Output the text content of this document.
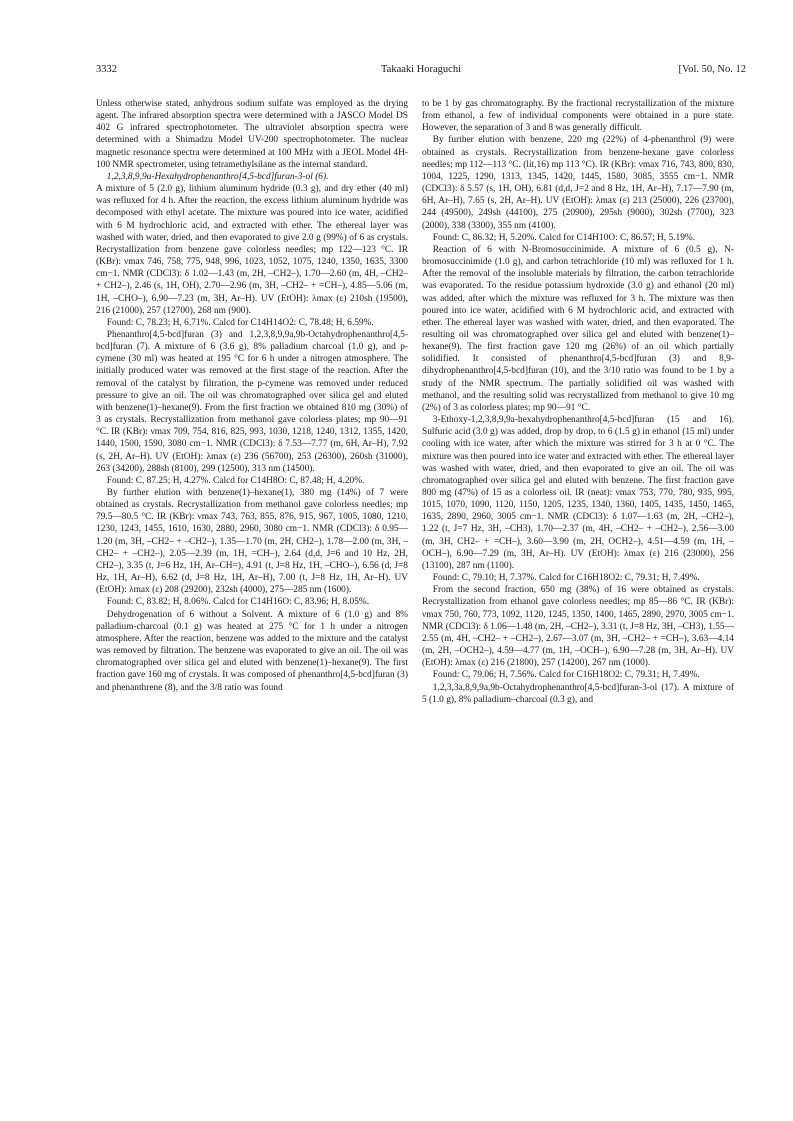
3332	Takaaki Horaguchi	[Vol. 50, No. 12

Unless otherwise stated, anhydrous sodium sulfate was employed as the drying agent. The infrared absorption spectra were determined with a JASCO Model DS 402 G infrared spectrophotometer. The ultraviolet absorption spectra were determined with a Shimadzu Model UV-200 spectrophotometer. The nuclear magnetic resonance spectra were determined at 100 MHz with a JEOL Model 4H-100 NMR spectrometer, using tetramethylsilane as the internal standard.

1,2,3,8,9,9a-Hexahydrophenanthro[4,5-bcd]furan-3-ol (6).

A mixture of 5 (2.0 g), lithium aluminum hydride (0.3 g), and dry ether (40 ml) was refluxed for 4 h. After the reaction, the excess lithium aluminum hydride was decomposed with ethyl acetate. The mixture was poured into ice water, acidified with 6 M hydrochloric acid, and extracted with ether. The ethereal layer was washed with water, dried, and then evaporated to give 2.0 g (99%) of 6 as crystals. Recrystallization from benzene gave colorless needles; mp 122—123 °C. IR (KBr): νmax 746, 758, 775, 948, 996, 1023, 1052, 1075, 1240, 1350, 1635, 3300 cm−1. NMR (CDCl3): δ 1.02—1.43 (m, 2H, –CH2–), 1.70—2.60 (m, 4H, –CH2– + CH2–), 2.46 (s, 1H, OH), 2.70—2.96 (m, 3H, –CH2– + =CH–), 4.85—5.06 (m, 1H, –CHO–), 6.90—7.23 (m, 3H, Ar–H). UV (EtOH): λmax (ε) 210sh (19500), 216 (21000), 257 (12700), 268 nm (900).

Found: C, 78.23; H, 6.71%. Calcd for C14H14O2: C, 78.48; H, 6.59%.

Phenanthro[4,5-bcd]furan (3) and 1,2,3,8,9,9a,9b-Octahydrophenanthro[4,5-bcd]furan (7). A mixture of 6 (3.6 g), 8% palladium charcoal (1.0 g), and p-cymene (30 ml) was heated at 195 °C for 6 h under a nitrogen atmosphere. The initially produced water was removed at the first stage of the reaction. After the removal of the catalyst by filtration, the p-cymene was removed under reduced pressure to give an oil. The oil was chromatographed over silica gel and eluted with benzene(1)–hexane(9). From the first fraction we obtained 810 mg (30%) of 3 as crystals. Recrystallization from methanol gave colorless plates; mp 90—91 °C. IR (KBr): νmax 709, 754, 816, 825, 993, 1030, 1218, 1240, 1312, 1355, 1420, 1440, 1500, 1590, 3080 cm−1. NMR (CDCl3): δ 7.53—7.77 (m, 6H, Ar–H), 7.92 (s, 2H, Ar–H). UV (EtOH): λmax (ε) 236 (56700), 253 (26300), 260sh (31000), 263 (34200), 288sh (8100), 299 (12500), 313 nm (14500).

Found: C, 87.25; H, 4.27%. Calcd for C14H8O: C, 87.48; H, 4.20%.

By further elution with benzene(1)–hexane(1), 380 mg (14%) of 7 were obtained as crystals. Recrystallization from methanol gave colorless needles; mp 79.5—80.5 °C. IR (KBr): νmax 743, 763, 855, 876, 915, 967, 1005, 1080, 1210, 1230, 1243, 1455, 1610, 1630, 2880, 2960, 3080 cm−1. NMR (CDCl3): δ 0.95—1.20 (m, 3H, –CH2– + –CH2–), 1.35—1.70 (m, 2H, CH2–), 1.78—2.00 (m, 3H, –CH2– + –CH2–), 2.05—2.39 (m, 1H, =CH–), 2.64 (d,d, J=6 and 10 Hz, 2H, CH2–), 3.35 (t, J=6 Hz, 1H, Ar–CH=), 4.91 (t, J=8 Hz, 1H, –CHO–), 6.56 (d, J=8 Hz, 1H, Ar–H), 6.62 (d, J=8 Hz, 1H, Ar–H), 7.00 (t, J=8 Hz, 1H, Ar–H). UV (EtOH): λmax (ε) 208 (29200), 232sh (4000), 275—285 nm (1600).

Found: C, 83.82; H, 8.06%. Calcd for C14H16O: C, 83.96; H, 8.05%.

Dehydrogenation of 6 without a Solvent. A mixture of 6 (1.0 g) and 8% palladium-charcoal (0.1 g) was heated at 275 °C for 1 h under a nitrogen atmosphere. After the reaction, benzene was added to the mixture and the catalyst was removed by filtration. The benzene was evaporated to give an oil. The oil was chromatographed over silica gel and eluted with benzene(1)–hexane(9). The first fraction gave 160 mg of crystals. It was composed of phenanthro[4,5-bcd]furan (3) and phenanthrene (8), and the 3/8 ratio was found

to be 1 by gas chromatography. By the fractional recrystallization of the mixture from ethanol, a few of individual components were obtained in a pure state. However, the separation of 3 and 8 was generally difficult.

By further elution with benzene, 220 mg (22%) of 4-phenanthrol (9) were obtained as crystals. Recrystallization from benzene-hexane gave colorless needles; mp 112—113 °C. (lit,16) mp 113 °C). IR (KBr): νmax 716, 743, 800, 830, 1004, 1225, 1290, 1313, 1345, 1420, 1445, 1580, 3085, 3555 cm−1. NMR (CDCl3): δ 5.57 (s, 1H, OH), 6.81 (d,d, J=2 and 8 Hz, 1H, Ar–H), 7.17—7.90 (m, 6H, Ar–H), 7.65 (s, 2H, Ar–H). UV (EtOH): λmax (ε) 213 (25000), 226 (23700), 244 (49500), 249sh (44100), 275 (20900), 295sh (9000), 302sh (7700), 323 (2000), 338 (3300), 355 nm (4100).

Found: C, 86.32; H, 5.20%. Calcd for C14H10O: C, 86.57; H, 5.19%.

Reaction of 6 with N-Bromosuccinimide. A mixture of 6 (0.5 g), N-bromosuccinimide (1.0 g), and carbon tetrachloride (10 ml) was refluxed for 1 h. After the removal of the insoluble materials by filtration, the carbon tetrachloride was evaporated. To the residue potassium hydroxide (3.0 g) and ethanol (20 ml) was added, after which the mixture was refluxed for 3 h. The mixture was then poured into ice water, acidified with 6 M hydrochloric acid, and extracted with ether. The ethereal layer was washed with water, dried, and then evaporated. The resulting oil was chromatographed over silica gel and eluted with benzene(1)–hexane(9). The first fraction gave 120 mg (26%) of an oil which partially solidified. It consisted of phenanthro[4,5-bcd]furan (3) and 8,9-dihydrophenanthro[4,5-bcd]furan (10), and the 3/10 ratio was found to be 1 by a study of the NMR spectrum. The partially solidified oil was washed with methanol, and the resulting solid was recrystallized from methanol to give 10 mg (2%) of 3 as colorless plates; mp 90—91 °C.

3-Ethoxy-1,2,3,8,9,9a-hexahydrophenanthro[4,5-bcd]furan (15 and 16). Sulfuric acid (3.0 g) was added, drop by drop, to 6 (1.5 g) in ethanol (15 ml) under cooling with ice water, after which the mixture was stirred for 3 h at 0 °C. The mixture was then poured into ice water and extracted with ether. The ethereal layer was washed with water, dried, and then evaporated to give an oil. The oil was chromatographed over silica gel and eluted with benzene. The first fraction gave 800 mg (47%) of 15 as a colorless oil. IR (neat): νmax 753, 770, 780, 935, 995, 1015, 1070, 1090, 1120, 1150, 1205, 1235, 1340, 1360, 1405, 1435, 1450, 1465, 1635, 2890, 2960, 3005 cm−1. NMR (CDCl3): δ 1.07—1.63 (m, 2H, –CH2–), 1.22 (t, J=7 Hz, 3H, –CH3), 1.70—2.37 (m, 4H, –CH2– + –CH2–), 2.56—3.00 (m, 3H, CH2– + =CH–), 3.60—3.90 (m, 2H, OCH2–), 4.51—4.59 (m, 1H, –OCH–), 6.90—7.29 (m, 3H, Ar–H). UV (EtOH): λmax (ε) 216 (23000), 256 (13100), 287 nm (1100).

Found: C, 79.10; H, 7.37%. Calcd for C16H18O2: C, 79.31; H, 7.49%.

From the second fraction, 650 mg (38%) of 16 were obtained as crystals. Recrystallization from ethanol gave colorless needles; mp 85—86 °C. IR (KBr): νmax 750, 760, 773, 1092, 1120, 1245, 1350, 1400, 1465, 2890, 2970, 3005 cm−1. NMR (CDCl3): δ 1.06—1.48 (m, 2H, –CH2–), 3.31 (t, J=8 Hz, 3H, –CH3), 1.55—2.55 (m, 4H, –CH2– + –CH2–), 2.67—3.07 (m, 3H, –CH2– + =CH–), 3.63—4.14 (m, 2H, –OCH2–), 4.59—4.77 (m, 1H, –OCH–), 6.90—7.28 (m, 3H, Ar–H). UV (EtOH): λmax (ε) 216 (21800), 257 (14200), 267 nm (1000).

Found: C, 79.06; H, 7.56%. Calcd for C16H18O2: C, 79.31; H, 7.49%.

1,2,3,3a,8,9,9a,9b-Octahydrophenanthro[4,5-bcd]furan-3-ol (17). A mixture of 5 (1.0 g), 8% palladium–charcoal (0.3 g), and
